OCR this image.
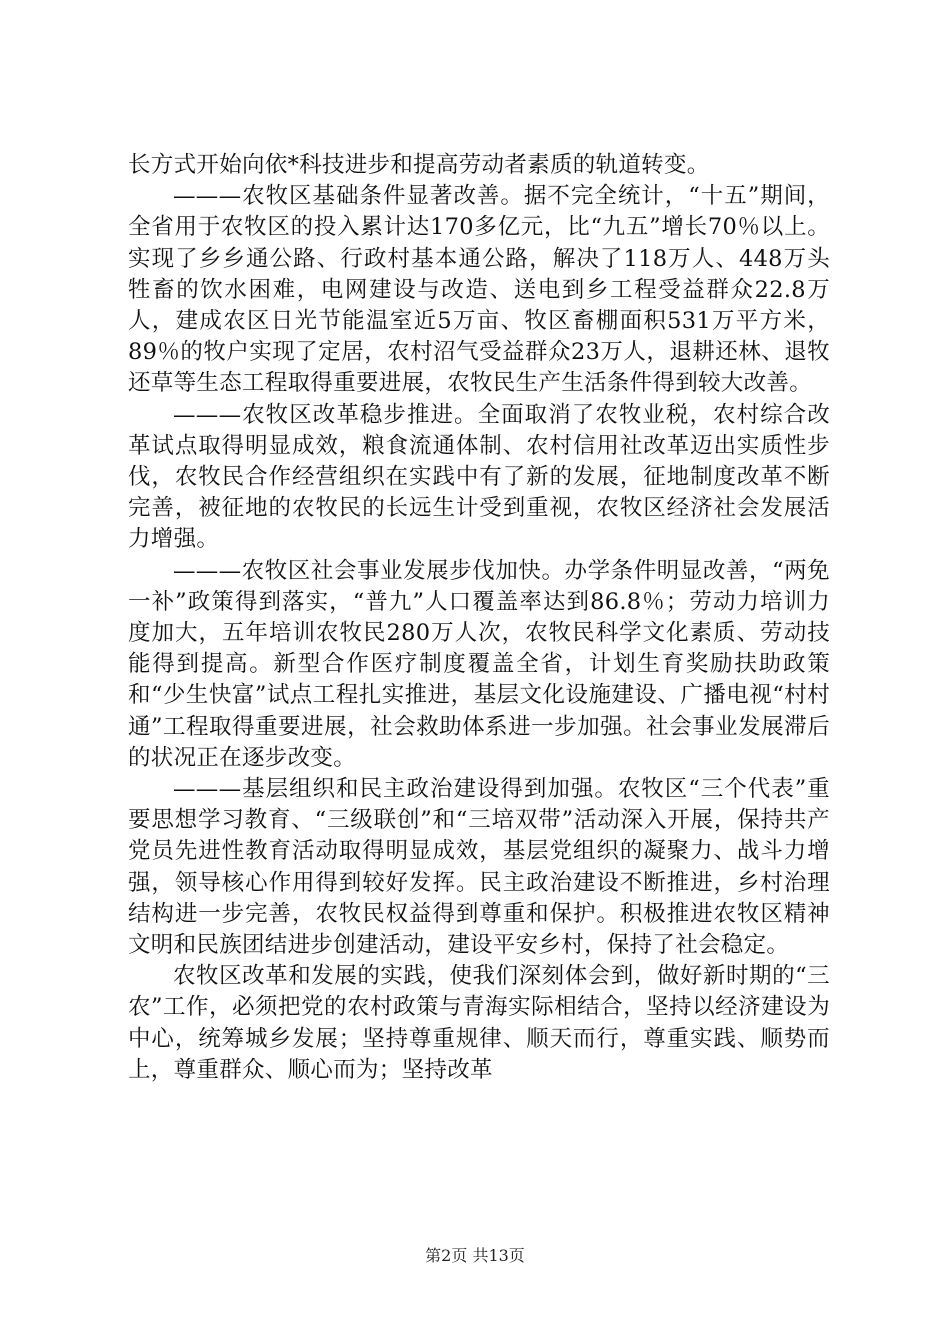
长方式开始向依*科技进步和提高劳动者素质的轨道转变。

———农牧区基础条件显著改善。据不完全统计，“十五”期间，全省用于农牧区的投入累计达170多亿元，比“九五”增长70％以上。实现了乡乡通公路、行政村基本通公路，解决了118万人、448万头牲畜的饮水困难，电网建设与改造、送电到乡工程受益群众22.8万人，建成农区日光节能温室近5万亩、牧区畜棚面积531万平方米，89％的牧户实现了定居，农村沼气受益群众23万人，退耕还林、退牧还草等生态工程取得重要进展，农牧民生产生活条件得到较大改善。

———农牧区改革稳步推进。全面取消了农牧业税，农村综合改革试点取得明显成效，粮食流通体制、农村信用社改革迈出实质性步伐，农牧民合作经营组织在实践中有了新的发展，征地制度改革不断完善，被征地的农牧民的长远生计受到重视，农牧区经济社会发展活力增强。

———农牧区社会事业发展步伐加快。办学条件明显改善，“两免一补”政策得到落实，“普九”人口覆盖率达到86.8％；劳动力培训力度加大，五年培训农牧民280万人次，农牧民科学文化素质、劳动技能得到提高。新型合作医疗制度覆盖全省，计划生育奖励扶助政策和“少生快富”试点工程扎实推进，基层文化设施建设、广播电视“村村通”工程取得重要进展，社会救助体系进一步加强。社会事业发展滞后的状况正在逐步改变。

———基层组织和民主政治建设得到加强。农牧区“三个代表”重要思想学习教育、“三级联创”和“三培双带”活动深入开展，保持共产党员先进性教育活动取得明显成效，基层党组织的凝聚力、战斗力增强，领导核心作用得到较好发挥。民主政治建设不断推进，乡村治理结构进一步完善，农牧民权益得到尊重和保护。积极推进农牧区精神文明和民族团结进步创建活动，建设平安乡村，保持了社会稳定。

农牧区改革和发展的实践，使我们深刻体会到，做好新时期的“三农”工作，必须把党的农村政策与青海实际相结合，坚持以经济建设为中心，统筹城乡发展；坚持尊重规律、顺天而行，尊重实践、顺势而上，尊重群众、顺心而为；坚持改革

第2页 共13页
